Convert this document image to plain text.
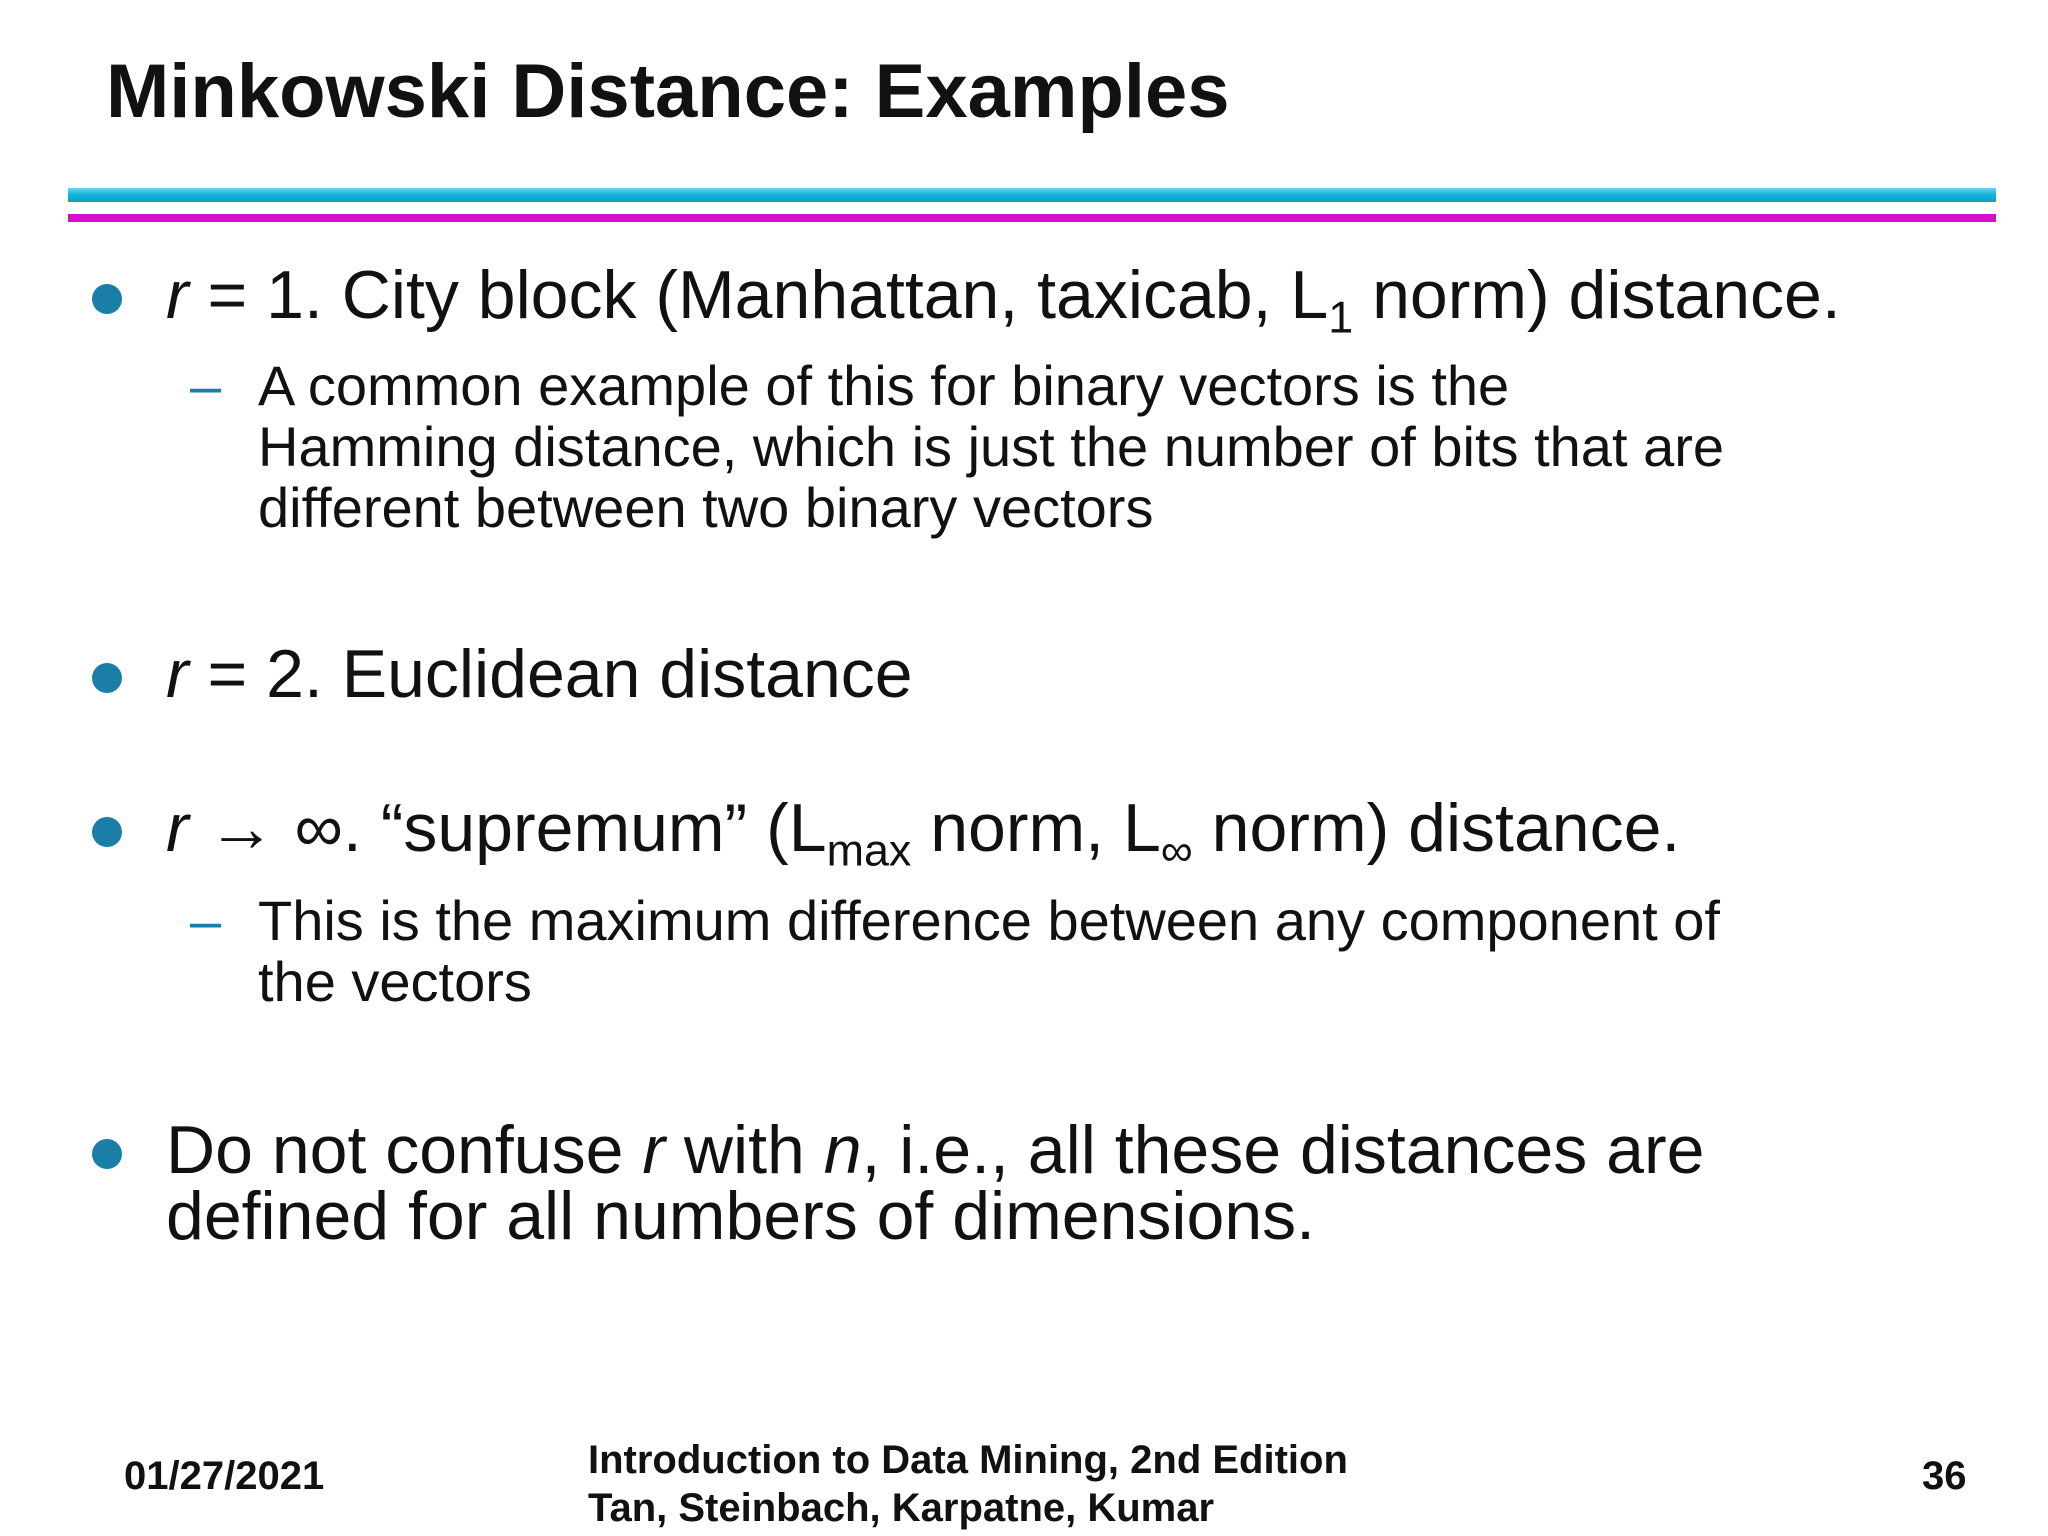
Minkowski Distance: Examples

r = 1. City block (Manhattan, taxicab, $L_1$ norm) distance.

– A common example of this for binary vectors is the
Hamming distance, which is just the number of bits that are
different between two binary vectors

r = 2. Euclidean distance

r → ∞. “supremum” ($L_{max}$ norm, $L_\infty$ norm) distance.

– This is the maximum difference between any component of
the vectors

Do not confuse r with n, i.e., all these distances are
defined for all numbers of dimensions.

01/27/2021	Introduction to Data Mining, 2nd Edition
Tan, Steinbach, Karpatne, Kumar
36
